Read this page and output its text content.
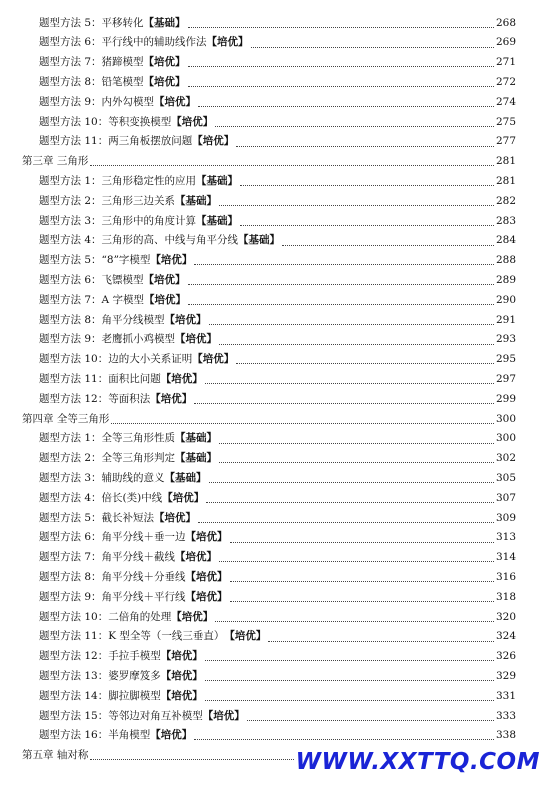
题型方法 5：平移转化 【基础】	268
题型方法 6：平行线中的辅助线作法 【培优】	269
题型方法 7：猪蹄模型 【培优】	271
题型方法 8：铅笔模型 【培优】	272
题型方法 9：内外勾模型 【培优】	274
题型方法 10：等积变换模型 【培优】	275
题型方法 11：两三角板摆放问题 【培优】	277
第三章 三角形	281
题型方法 1：三角形稳定性的应用 【基础】	281
题型方法 2：三角形三边关系 【基础】	282
题型方法 3：三角形中的角度计算 【基础】	283
题型方法 4：三角形的高、中线与角平分线 【基础】	284
题型方法 5：“8”字模型 【培优】	288
题型方法 6：飞镖模型 【培优】	289
题型方法 7：A 字模型 【培优】	290
题型方法 8：角平分线模型 【培优】	291
题型方法 9：老鹰抓小鸡模型 【培优】	293
题型方法 10：边的大小关系证明 【培优】	295
题型方法 11：面积比问题 【培优】	297
题型方法 12：等面积法 【培优】	299
第四章 全等三角形	300
题型方法 1：全等三角形性质 【基础】	300
题型方法 2：全等三角形判定 【基础】	302
题型方法 3：辅助线的意义 【基础】	305
题型方法 4：倍长(类)中线 【培优】	307
题型方法 5：截长补短法 【培优】	309
题型方法 6：角平分线＋垂一边 【培优】	313
题型方法 7：角平分线＋截线 【培优】	314
题型方法 8：角平分线＋分垂线 【培优】	316
题型方法 9：角平分线＋平行线 【培优】	318
题型方法 10：二倍角的处理 【培优】	320
题型方法 11：K 型全等（一线三垂直） 【培优】	324
题型方法 12：手拉手模型 【培优】	326
题型方法 13：婆罗摩笈多 【培优】	329
题型方法 14：脚拉脚模型 【培优】	331
题型方法 15：等邻边对角互补模型 【培优】	333
题型方法 16：半角模型 【培优】	338
第五章 轴对称	WWW.XXTTQ.COM
